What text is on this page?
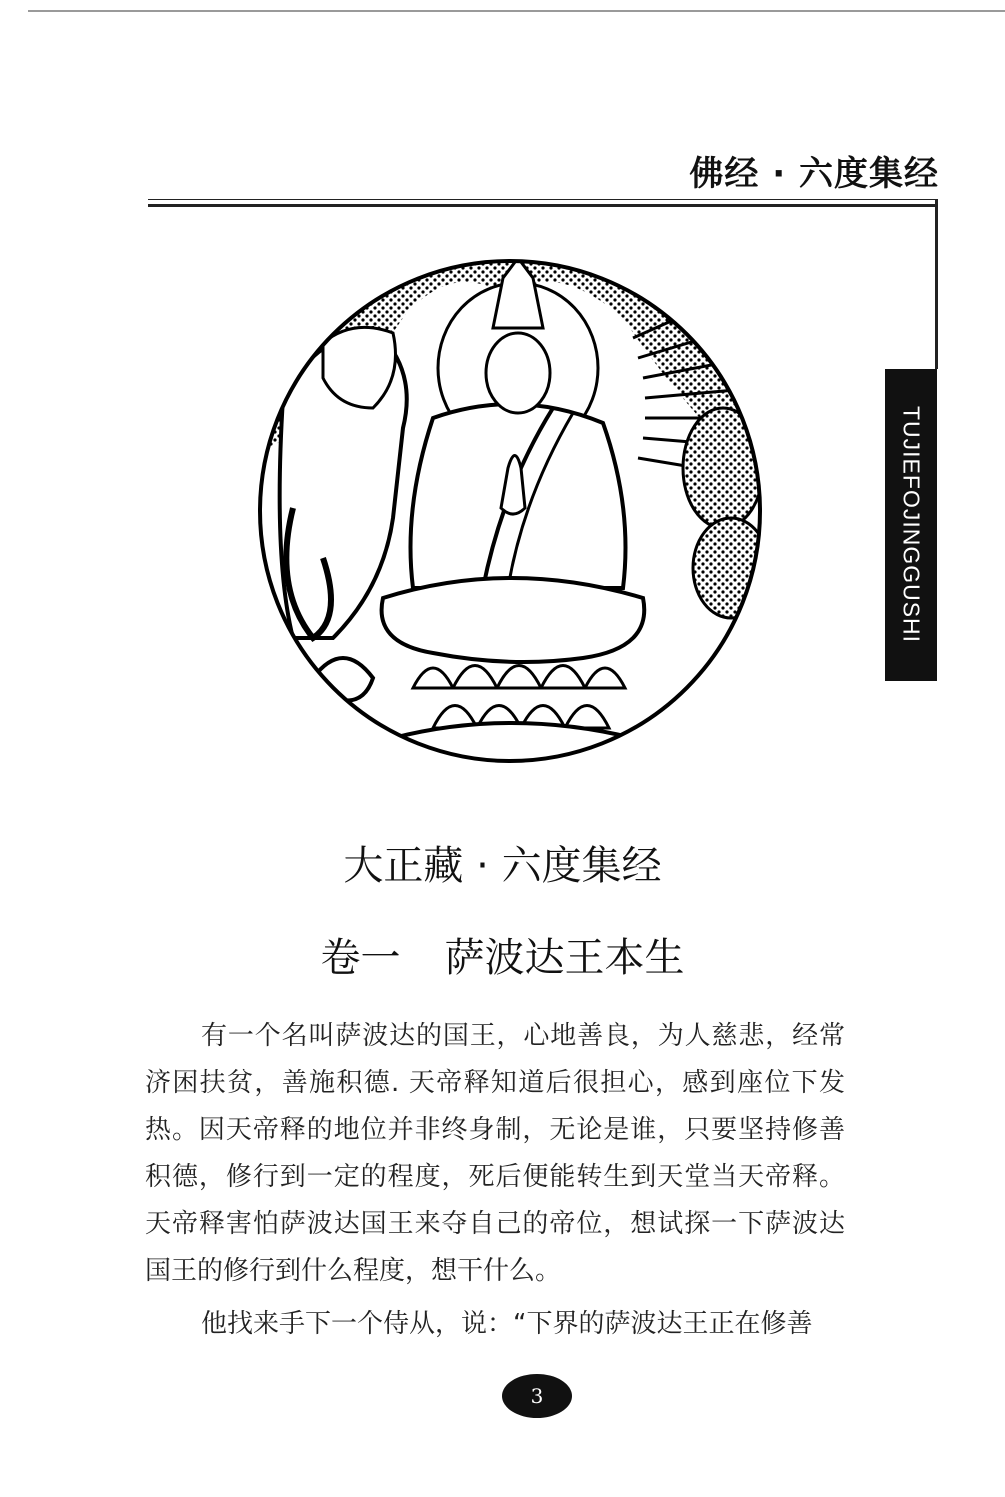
佛经 · 六度集经
TUJIEFOJINGGUSHI
大正藏 · 六度集经
卷一 萨波达王本生

有一个名叫萨波达的国王，心地善良，为人慈悲，经常济困扶贫，善施积德. 天帝释知道后很担心，感到座位下发热。因天帝释的地位并非终身制，无论是谁，只要坚持修善积德，修行到一定的程度，死后便能转生到天堂当天帝释。天帝释害怕萨波达国王来夺自己的帝位，想试探一下萨波达国王的修行到什么程度，想干什么。

他找来手下一个侍从，说：“下界的萨波达王正在修善

3
